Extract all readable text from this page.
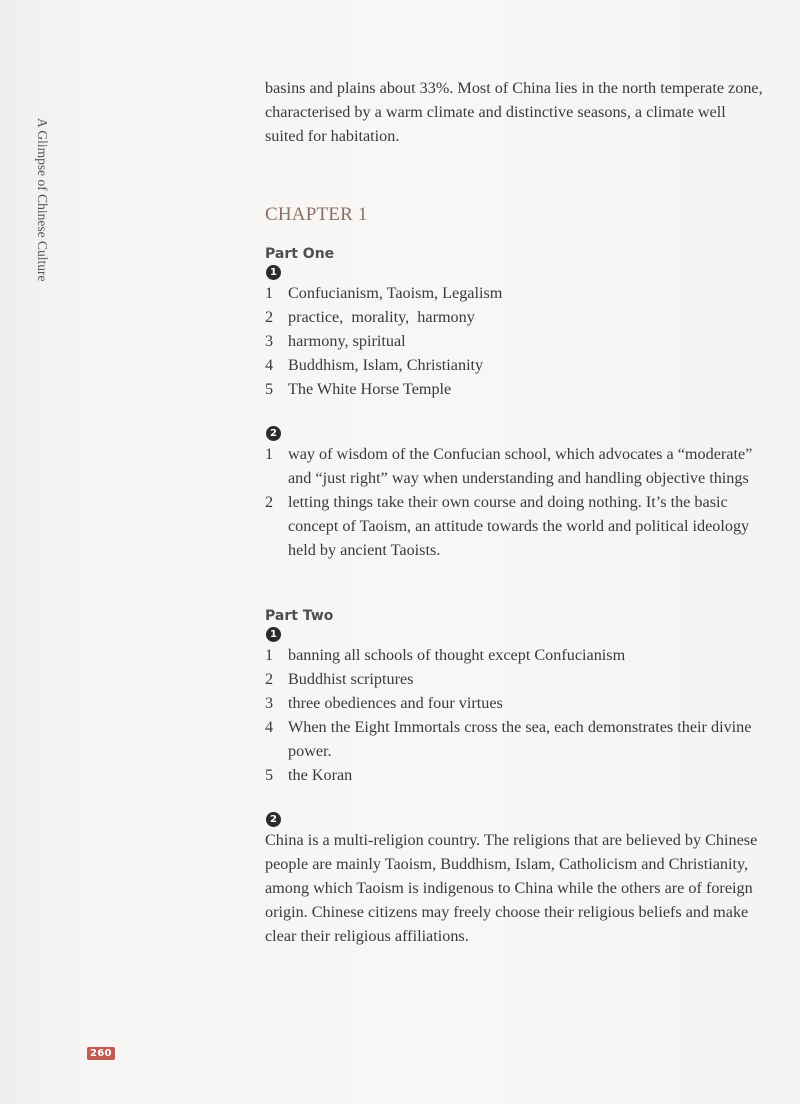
A Glimpse of Chinese Culture

basins and plains about 33%. Most of China lies in the north temperate zone, characterised by a warm climate and distinctive seasons, a climate well suited for habitation.

CHAPTER 1
Part One
1
1 Confucianism, Taoism, Legalism
2 practice,  morality,  harmony
3 harmony, spiritual
4 Buddhism, Islam, Christianity
5 The White Horse Temple
2
1 way of wisdom of the Confucian school, which advocates a “moderate” and “just right” way when understanding and handling objective things
2 letting things take their own course and doing nothing. It’s the basic concept of Taoism, an attitude towards the world and political ideology held by ancient Taoists.
Part Two
1
1 banning all schools of thought except Confucianism
2 Buddhist scriptures
3 three obediences and four virtues
4 When the Eight Immortals cross the sea, each demonstrates their divine power.
5 the Koran
2

China is a multi-religion country. The religions that are believed by Chinese people are mainly Taoism, Buddhism, Islam, Catholicism and Christianity, among which Taoism is indigenous to China while the others are of foreign origin. Chinese citizens may freely choose their religious beliefs and make clear their religious affiliations.

260
